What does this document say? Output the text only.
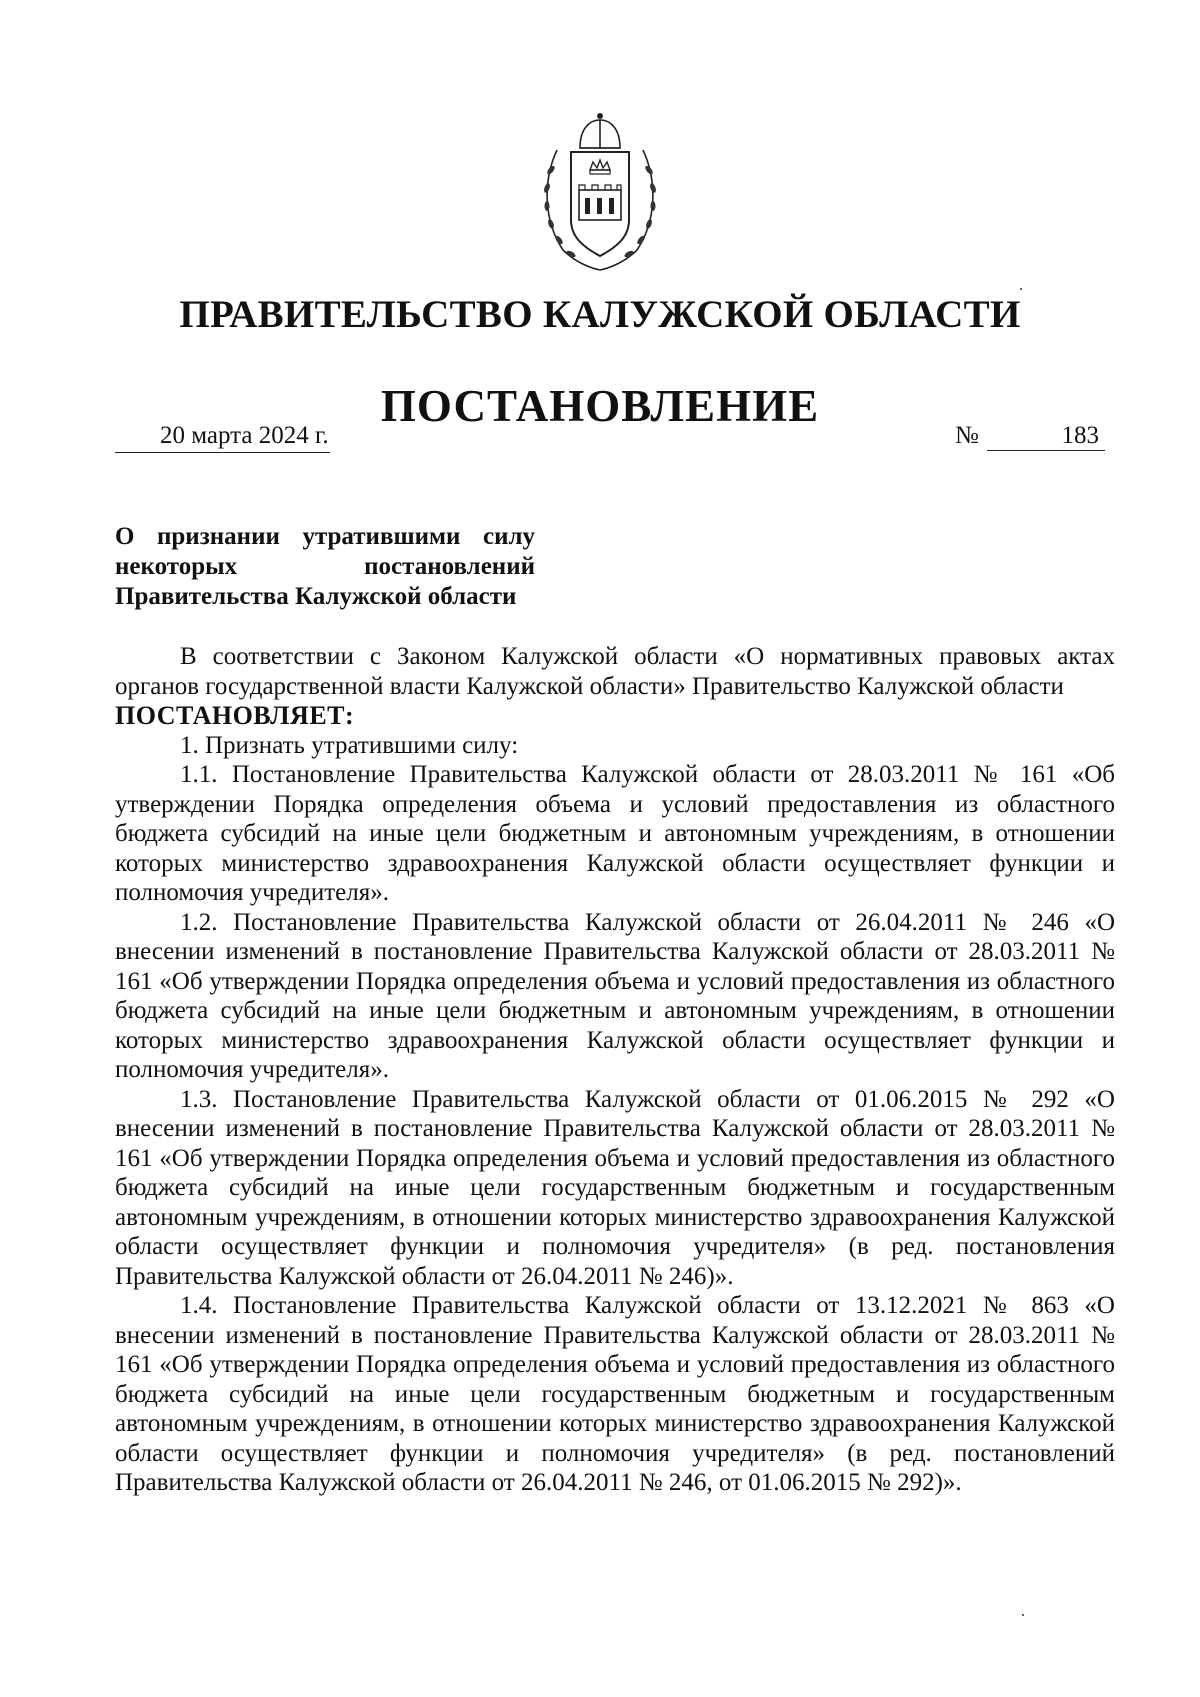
ПРАВИТЕЛЬСТВО КАЛУЖСКОЙ ОБЛАСТИ
ПОСТАНОВЛЕНИЕ
20 марта 2024 г.	№	183
О признании утратившими силу
некоторых	постановлений
Правительства Калужской области

В соответствии с Законом Калужской области «О нормативных правовых актах органов государственной власти Калужской области» Правительство Калужской области

ПОСТАНОВЛЯЕТ:

1. Признать утратившими силу:

1.1. Постановление Правительства Калужской области от 28.03.2011 № 161 «Об утверждении Порядка определения объема и условий предоставления из областного бюджета субсидий на иные цели бюджетным и автономным учреждениям, в отношении которых министерство здравоохранения Калужской области осуществляет функции и полномочия учредителя».

1.2. Постановление Правительства Калужской области от 26.04.2011 № 246 «О внесении изменений в постановление Правительства Калужской области от 28.03.2011 № 161 «Об утверждении Порядка определения объема и условий предоставления из областного бюджета субсидий на иные цели бюджетным и автономным учреждениям, в отношении которых министерство здравоохранения Калужской области осуществляет функции и полномочия учредителя».

1.3. Постановление Правительства Калужской области от 01.06.2015 № 292 «О внесении изменений в постановление Правительства Калужской области от 28.03.2011 № 161 «Об утверждении Порядка определения объема и условий предоставления из областного бюджета субсидий на иные цели государственным бюджетным и государственным автономным учреждениям, в отношении которых министерство здравоохранения Калужской области осуществляет функции и полномочия учредителя» (в ред. постановления Правительства Калужской области от 26.04.2011 № 246)».

1.4. Постановление Правительства Калужской области от 13.12.2021 № 863 «О внесении изменений в постановление Правительства Калужской области от 28.03.2011 № 161 «Об утверждении Порядка определения объема и условий предоставления из областного бюджета субсидий на иные цели государственным бюджетным и государственным автономным учреждениям, в отношении которых министерство здравоохранения Калужской области осуществляет функции и полномочия учредителя» (в ред. постановлений Правительства Калужской области от 26.04.2011 № 246, от 01.06.2015 № 292)».
